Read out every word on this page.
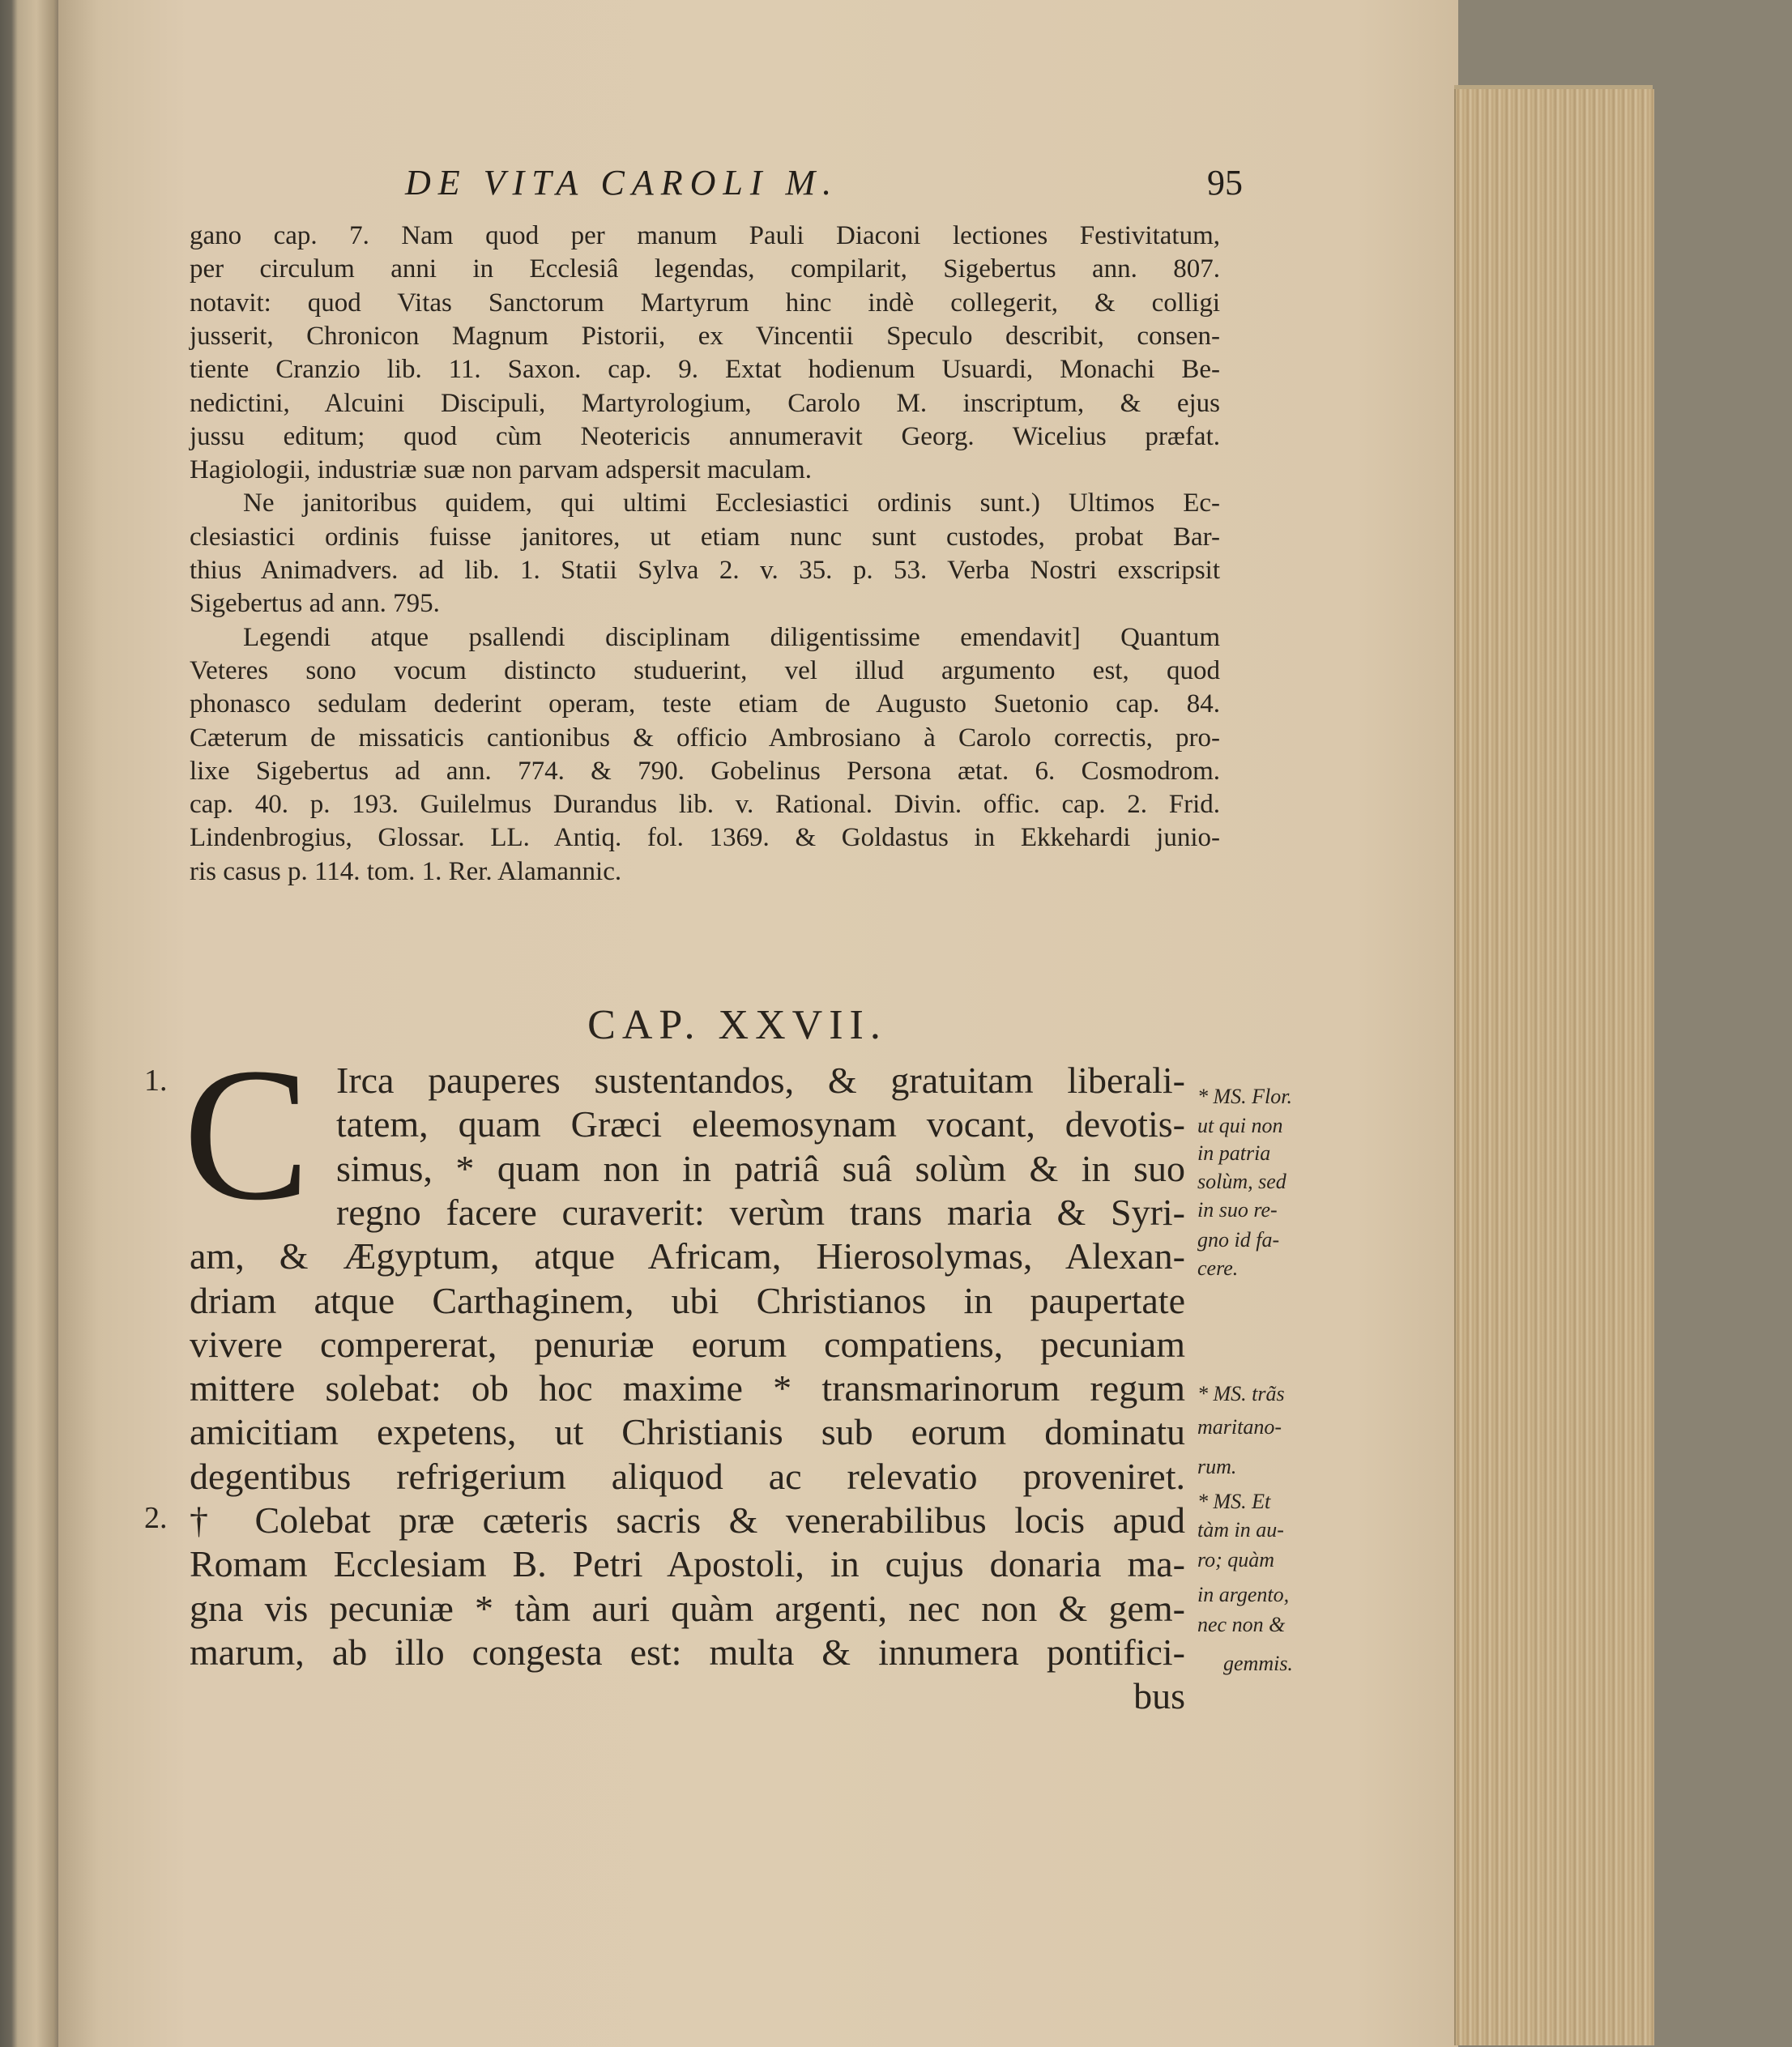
DE VITA CAROLI M.	95
gano cap. 7. Nam quod per manum Pauli Diaconi lectiones Festivitatum,
per circulum anni in Ecclesiâ legendas, compilarit, Sigebertus ann. 807.
notavit: quod Vitas Sanctorum Martyrum hinc indè collegerit, & colligi
jusserit, Chronicon Magnum Pistorii, ex Vincentii Speculo describit, consen-
tiente Cranzio lib. 11. Saxon. cap. 9. Extat hodienum Usuardi, Monachi Be-
nedictini, Alcuini Discipuli, Martyrologium, Carolo M. inscriptum, & ejus
jussu editum; quod cùm Neotericis annumeravit Georg. Wicelius præfat.
Hagiologii, industriæ suæ non parvam adspersit maculam.
Ne janitoribus quidem, qui ultimi Ecclesiastici ordinis sunt.) Ultimos Ec-
clesiastici ordinis fuisse janitores, ut etiam nunc sunt custodes, probat Bar-
thius Animadvers. ad lib. 1. Statii Sylva 2. v. 35. p. 53. Verba Nostri exscripsit
Sigebertus ad ann. 795.
Legendi atque psallendi disciplinam diligentissime emendavit] Quantum
Veteres sono vocum distincto studuerint, vel illud argumento est, quod
phonasco sedulam dederint operam, teste etiam de Augusto Suetonio cap. 84.
Cæterum de missaticis cantionibus & officio Ambrosiano à Carolo correctis, pro-
lixe Sigebertus ad ann. 774. & 790. Gobelinus Persona ætat. 6. Cosmodrom.
cap. 40. p. 193. Guilelmus Durandus lib. v. Rational. Divin. offic. cap. 2. Frid.
Lindenbrogius, Glossar. LL. Antiq. fol. 1369. & Goldastus in Ekkehardi junio-
ris casus p. 114. tom. 1. Rer. Alamannic.
CAP. XXVII.
C
1.
2.
Irca pauperes sustentandos, & gratuitam liberali-
tatem, quam Græci eleemosynam vocant, devotis-
simus, * quam non in patriâ suâ solùm & in suo
regno facere curaverit: verùm trans maria & Syri-
am, & Ægyptum, atque Africam, Hierosolymas, Alexan-
driam atque Carthaginem, ubi Christianos in paupertate
vivere compererat, penuriæ eorum compatiens, pecuniam
mittere solebat: ob hoc maxime * transmarinorum regum
amicitiam expetens, ut Christianis sub eorum dominatu
degentibus refrigerium aliquod ac relevatio proveniret.
† Colebat præ cæteris sacris & venerabilibus locis apud
Romam Ecclesiam B. Petri Apostoli, in cujus donaria ma-
gna vis pecuniæ * tàm auri quàm argenti, nec non & gem-
marum, ab illo congesta est: multa & innumera pontifici-
bus
* MS. Flor.
ut qui non
in patria
solùm, sed
in suo re-
gno id fa-
cere.
* MS. trãs
maritano-
rum.
* MS. Et
tàm in au-
ro; quàm
in argento,
nec non &
gemmis.
